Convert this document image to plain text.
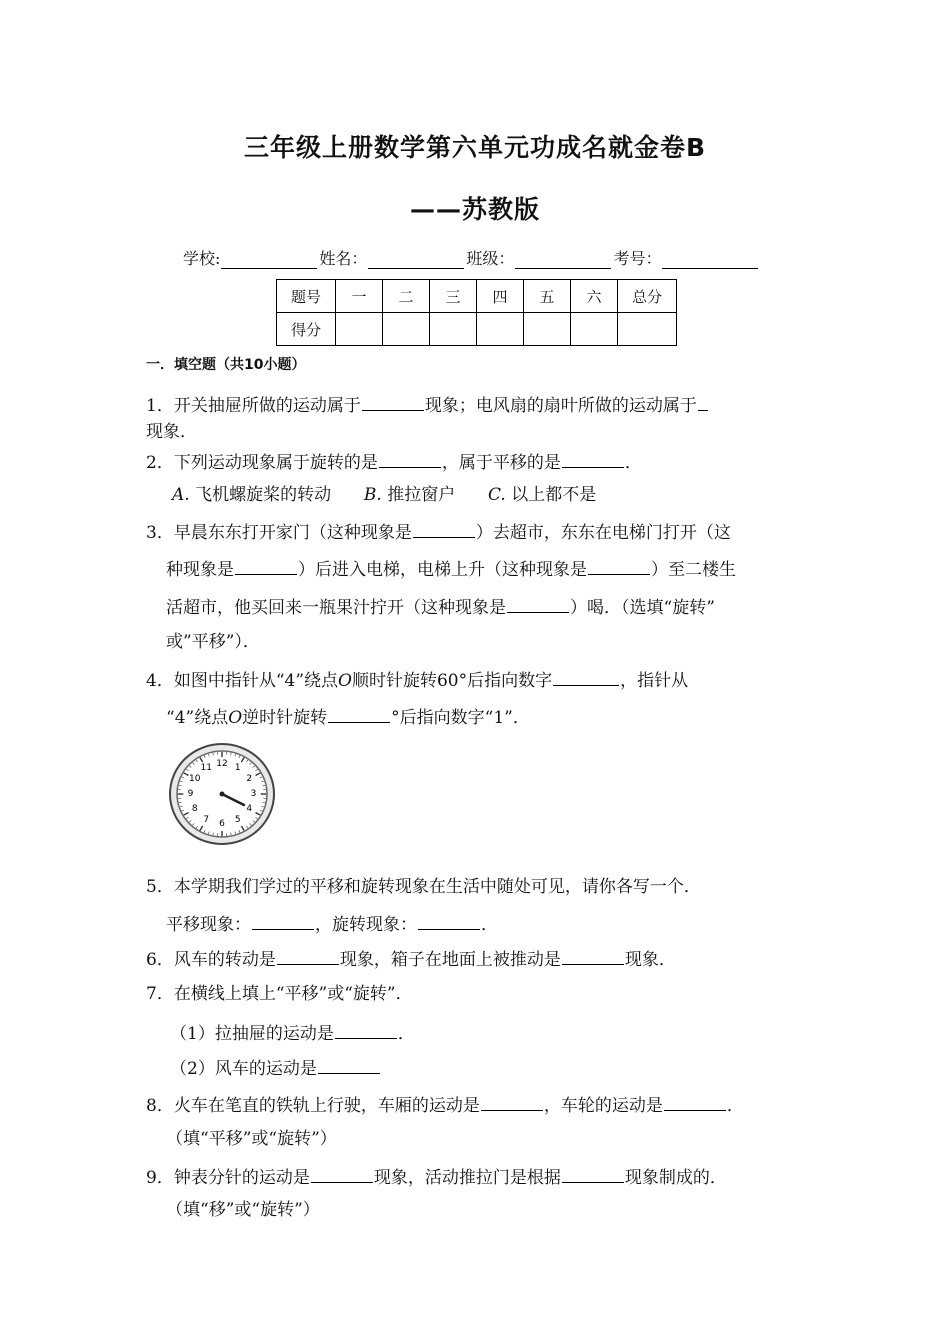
三年级上册数学第六单元功成名就金卷B
——苏教版
学校:	姓名：	班级：	考号：
题号	一	二	三	四	五	六	总分
得分							
一．填空题（共10小题）
1．开关抽屉所做的运动属于	现象；电风扇的扇叶所做的运动属于
现象．
2．下列运动现象属于旋转的是	，属于平移的是	．
A. 飞机螺旋桨的转动 B. 推拉窗户 C. 以上都不是
3．早晨东东打开家门（这种现象是	）去超市，东东在电梯门打开（这
种现象是	）后进入电梯，电梯上升（这种现象是	）至二楼生
活超市，他买回来一瓶果汁拧开（这种现象是	）喝．（选填“旋转”
或”平移”）．
4．如图中指针从“4”绕点O顺时针旋转60°后指向数字	，指针从
“4”绕点O逆时针旋转	°后指向数字“1”．
12 1
2
3
4
5
6
7
8
9
10
11
5．本学期我们学过的平移和旋转现象在生活中随处可见，请你各写一个．
平移现象：	，旋转现象：	．
6．风车的转动是	现象，箱子在地面上被推动是	现象．
7．在横线上填上“平移”或“旋转”．
（1）拉抽屉的运动是	．
（2）风车的运动是
8．火车在笔直的铁轨上行驶，车厢的运动是	，车轮的运动是	．
（填“平移”或“旋转”）
9．钟表分针的运动是	现象，活动推拉门是根据	现象制成的．
（填“移”或“旋转”）
